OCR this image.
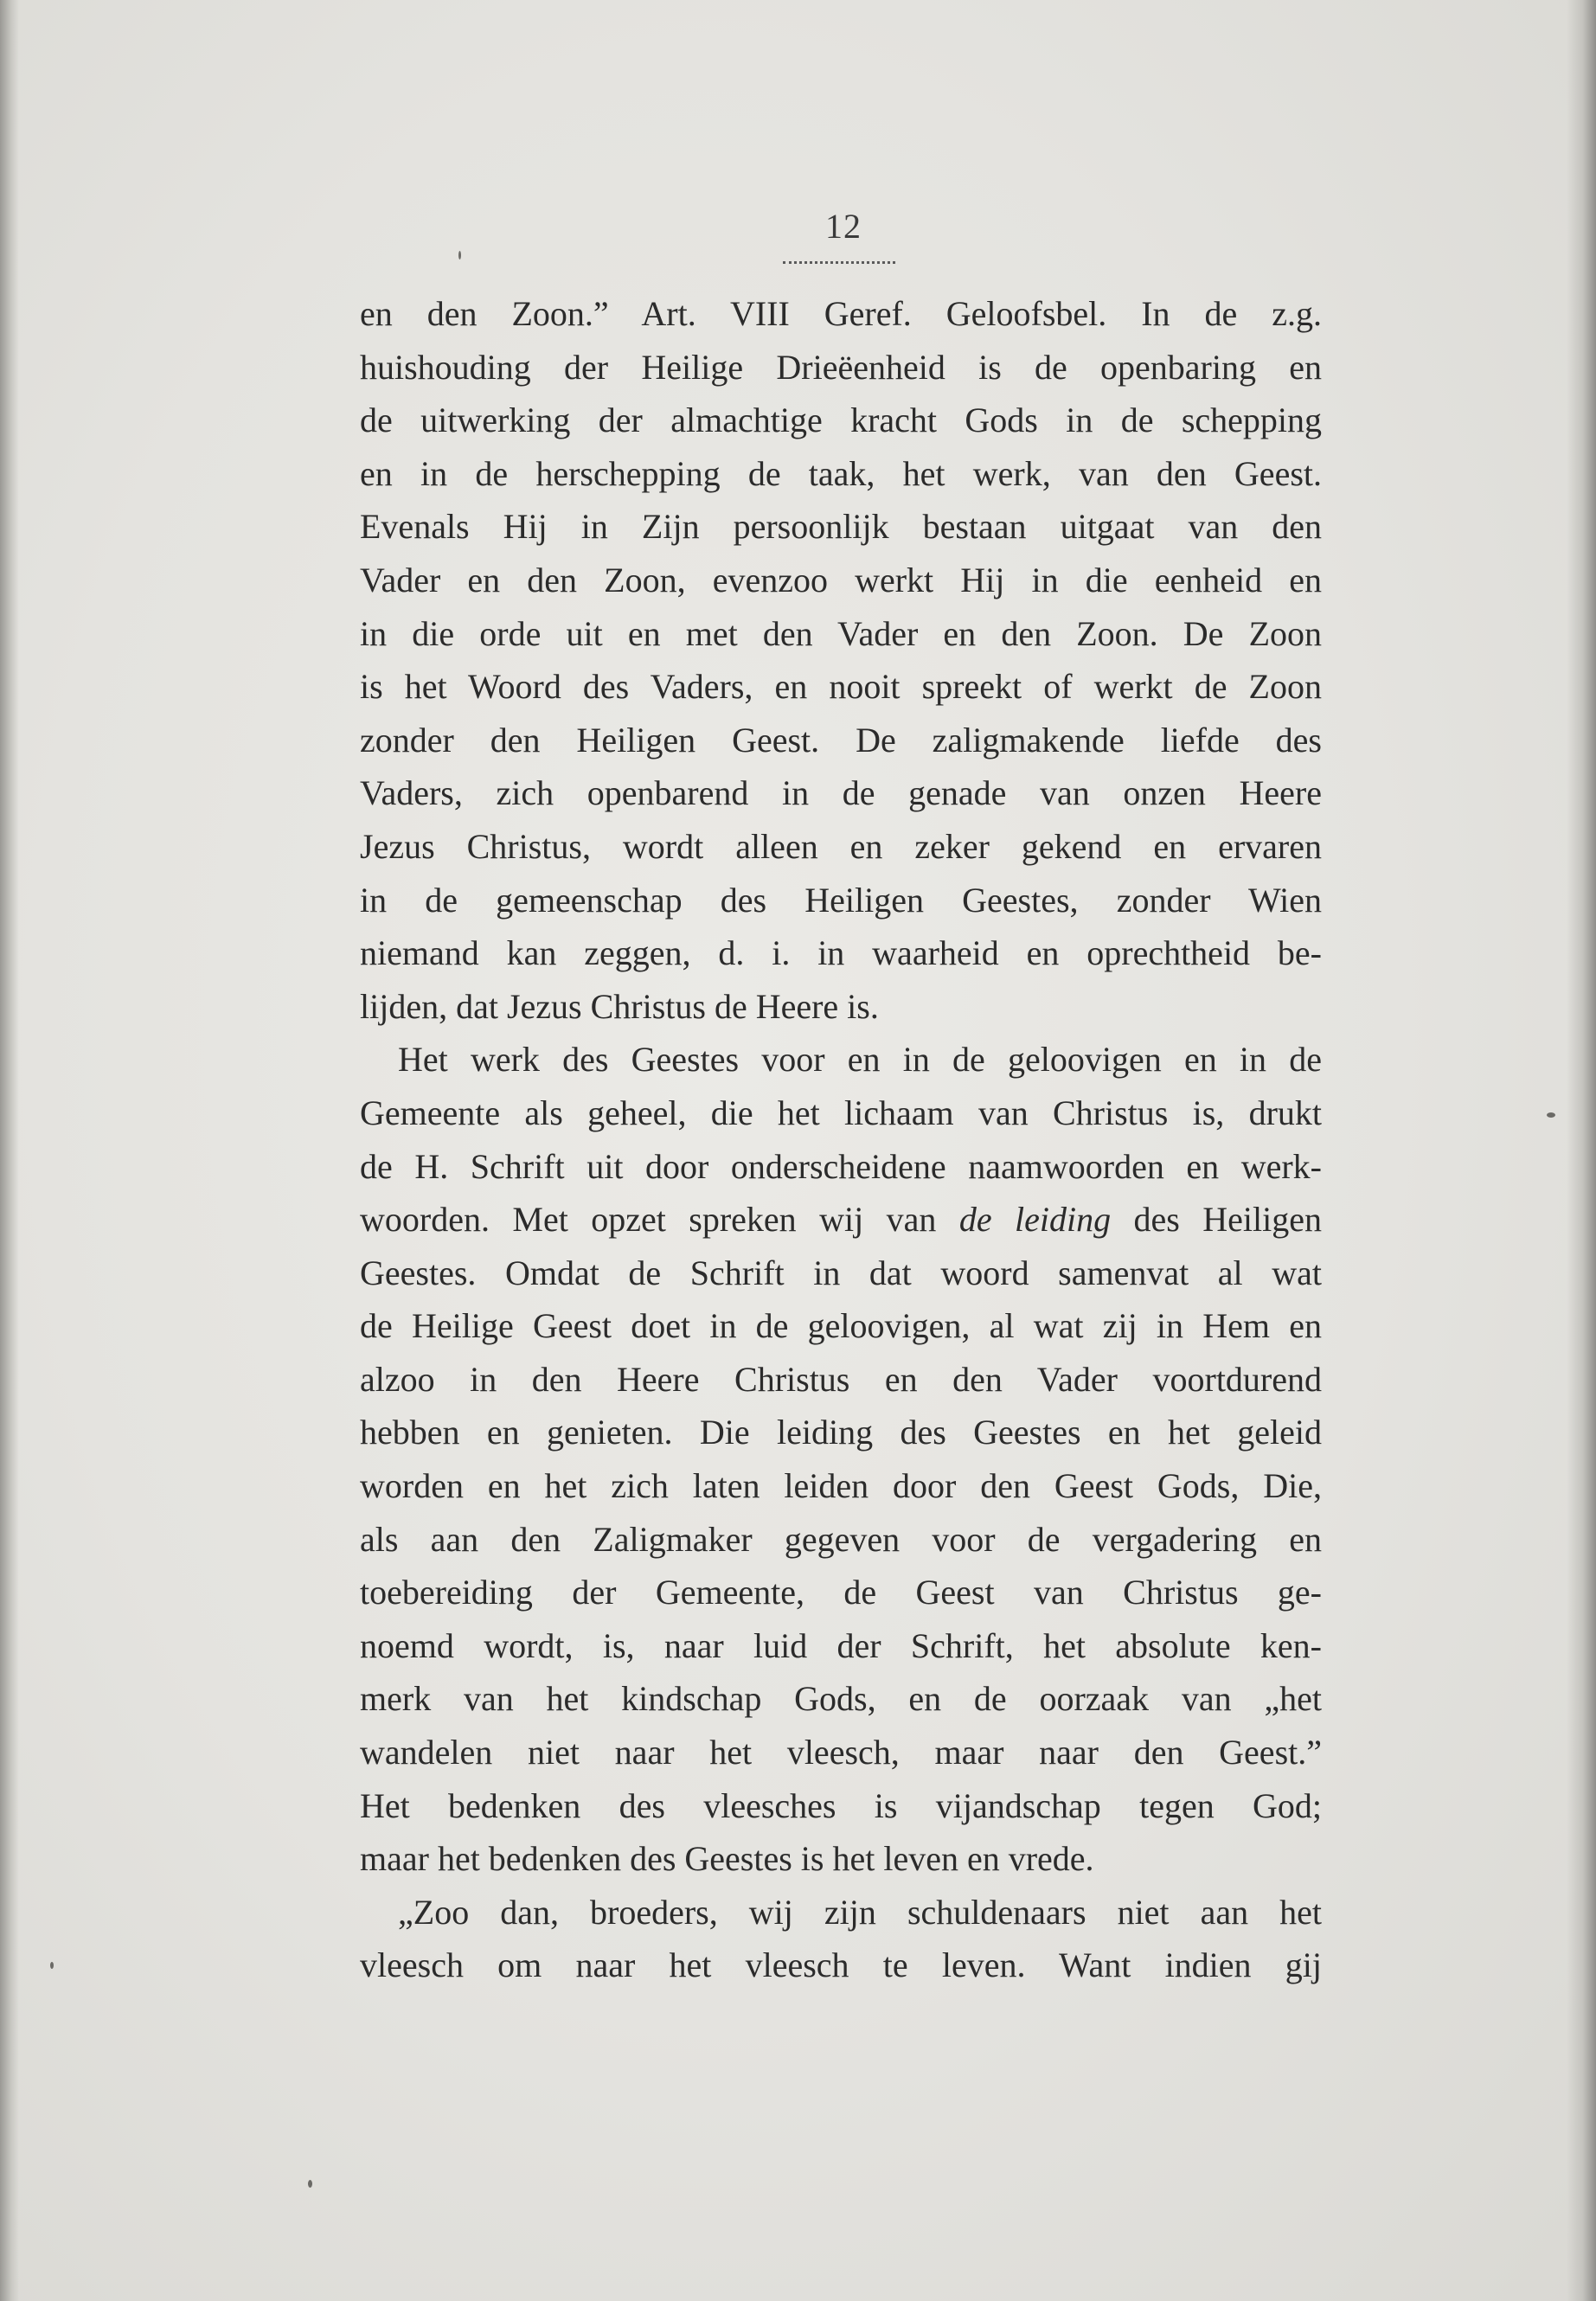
12
en den Zoon.” Art. VIII Geref. Geloofsbel. In de z.g.
huishouding der Heilige Drieëenheid is de openbaring en
de uitwerking der almachtige kracht Gods in de schepping
en in de herschepping de taak, het werk, van den Geest.
Evenals Hij in Zijn persoonlijk bestaan uitgaat van den
Vader en den Zoon, evenzoo werkt Hij in die eenheid en
in die orde uit en met den Vader en den Zoon. De Zoon
is het Woord des Vaders, en nooit spreekt of werkt de Zoon
zonder den Heiligen Geest. De zaligmakende liefde des
Vaders, zich openbarend in de genade van onzen Heere
Jezus Christus, wordt alleen en zeker gekend en ervaren
in de gemeenschap des Heiligen Geestes, zonder Wien
niemand kan zeggen, d. i. in waarheid en oprechtheid be-
lijden, dat Jezus Christus de Heere is.
Het werk des Geestes voor en in de geloovigen en in de
Gemeente als geheel, die het lichaam van Christus is, drukt
de H. Schrift uit door onderscheidene naamwoorden en werk-
woorden. Met opzet spreken wij van de leiding des Heiligen
Geestes. Omdat de Schrift in dat woord samenvat al wat
de Heilige Geest doet in de geloovigen, al wat zij in Hem en
alzoo in den Heere Christus en den Vader voortdurend
hebben en genieten. Die leiding des Geestes en het geleid
worden en het zich laten leiden door den Geest Gods, Die,
als aan den Zaligmaker gegeven voor de vergadering en
toebereiding der Gemeente, de Geest van Christus ge-
noemd wordt, is, naar luid der Schrift, het absolute ken-
merk van het kindschap Gods, en de oorzaak van „het
wandelen niet naar het vleesch, maar naar den Geest.”
Het bedenken des vleesches is vijandschap tegen God;
maar het bedenken des Geestes is het leven en vrede.
„Zoo dan, broeders, wij zijn schuldenaars niet aan het
vleesch om naar het vleesch te leven. Want indien gij
